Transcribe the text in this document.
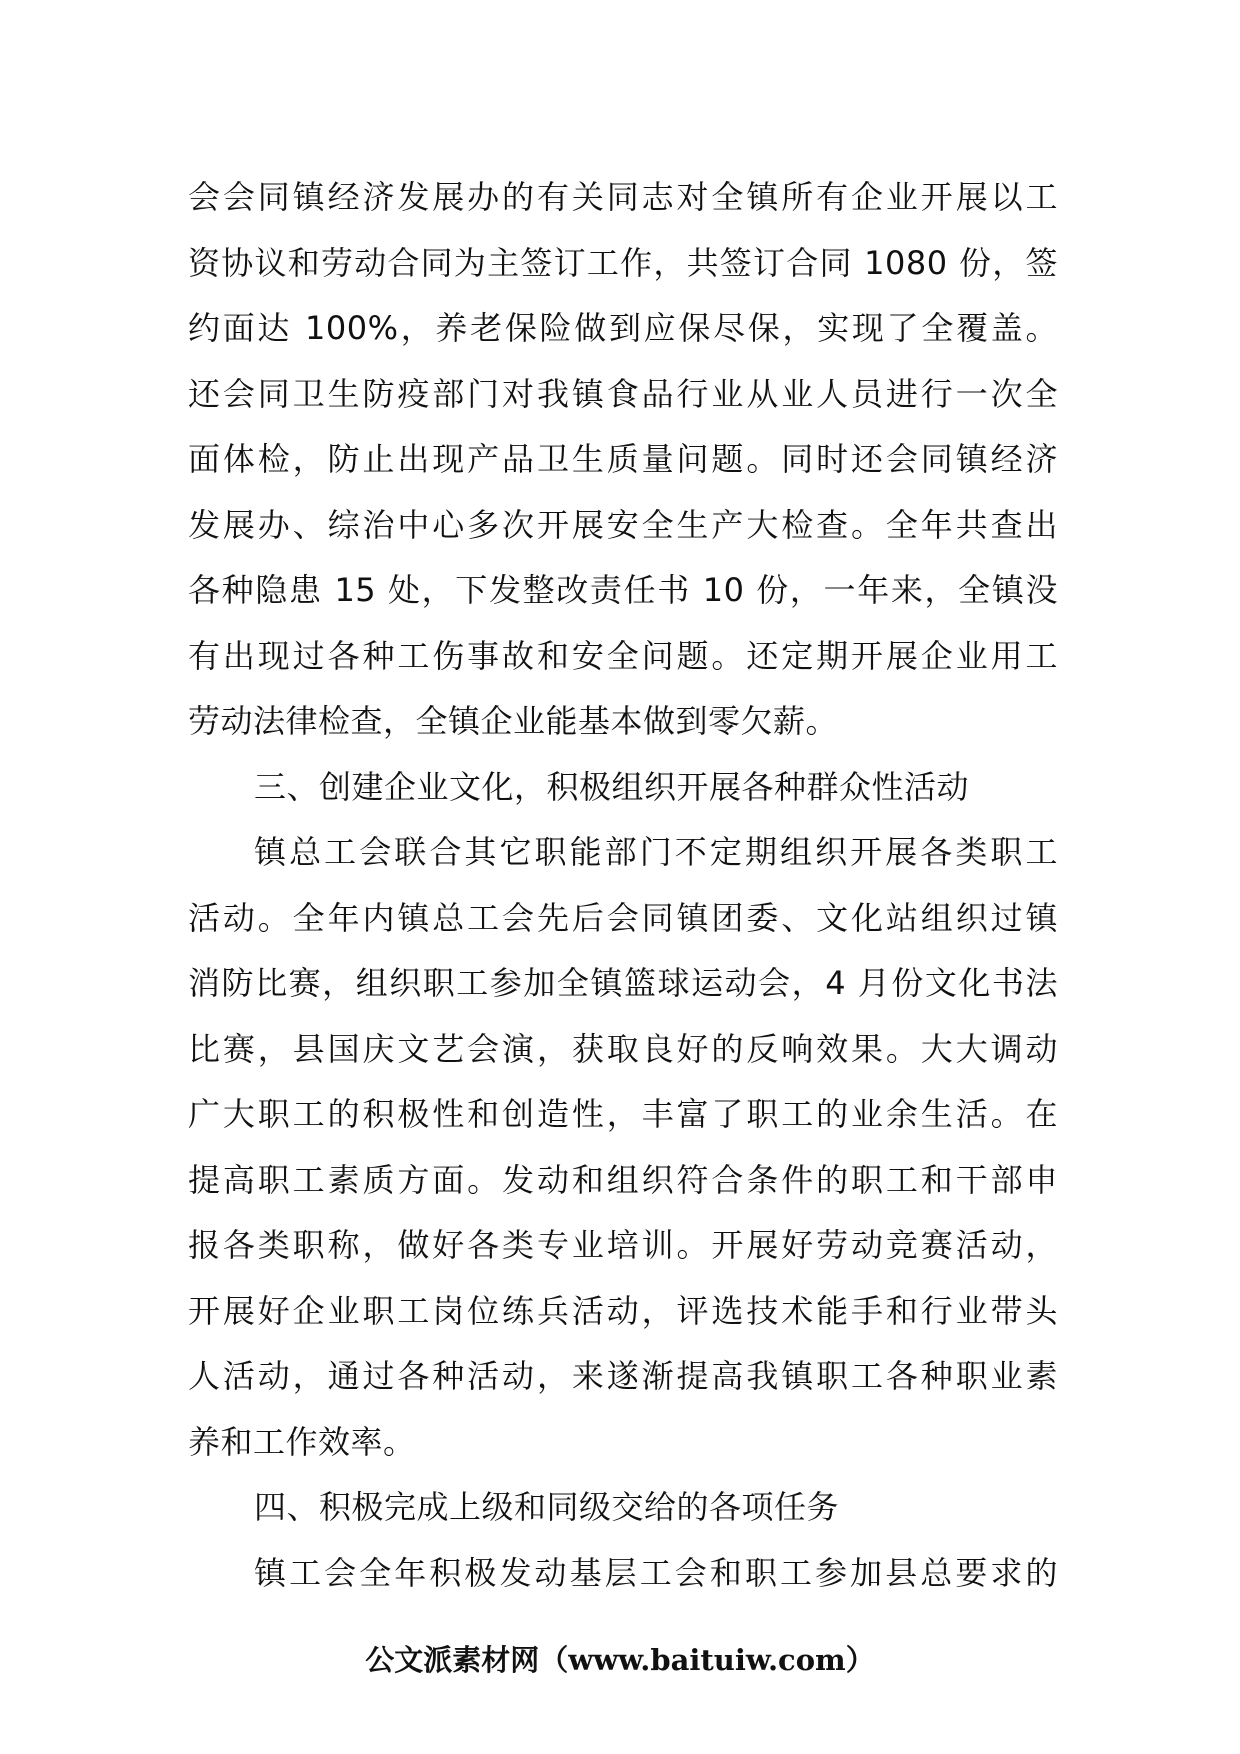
会会同镇经济发展办的有关同志对全镇所有企业开展以工
资协议和劳动合同为主签订工作，共签订合同 1080 份，签
约面达 100%，养老保险做到应保尽保，实现了全覆盖。
还会同卫生防疫部门对我镇食品行业从业人员进行一次全
面体检，防止出现产品卫生质量问题。同时还会同镇经济
发展办、综治中心多次开展安全生产大检查。全年共查出
各种隐患 15 处，下发整改责任书 10 份，一年来，全镇没
有出现过各种工伤事故和安全问题。还定期开展企业用工
劳动法律检查，全镇企业能基本做到零欠薪。
三、创建企业文化，积极组织开展各种群众性活动
镇总工会联合其它职能部门不定期组织开展各类职工
活动。全年内镇总工会先后会同镇团委、文化站组织过镇
消防比赛，组织职工参加全镇篮球运动会，4 月份文化书法
比赛，县国庆文艺会演，获取良好的反响效果。大大调动
广大职工的积极性和创造性，丰富了职工的业余生活。在
提高职工素质方面。发动和组织符合条件的职工和干部申
报各类职称，做好各类专业培训。开展好劳动竞赛活动，
开展好企业职工岗位练兵活动，评选技术能手和行业带头
人活动，通过各种活动，来遂渐提高我镇职工各种职业素
养和工作效率。
四、积极完成上级和同级交给的各项任务
镇工会全年积极发动基层工会和职工参加县总要求的
公文派素材网（www.baituiw.com）
